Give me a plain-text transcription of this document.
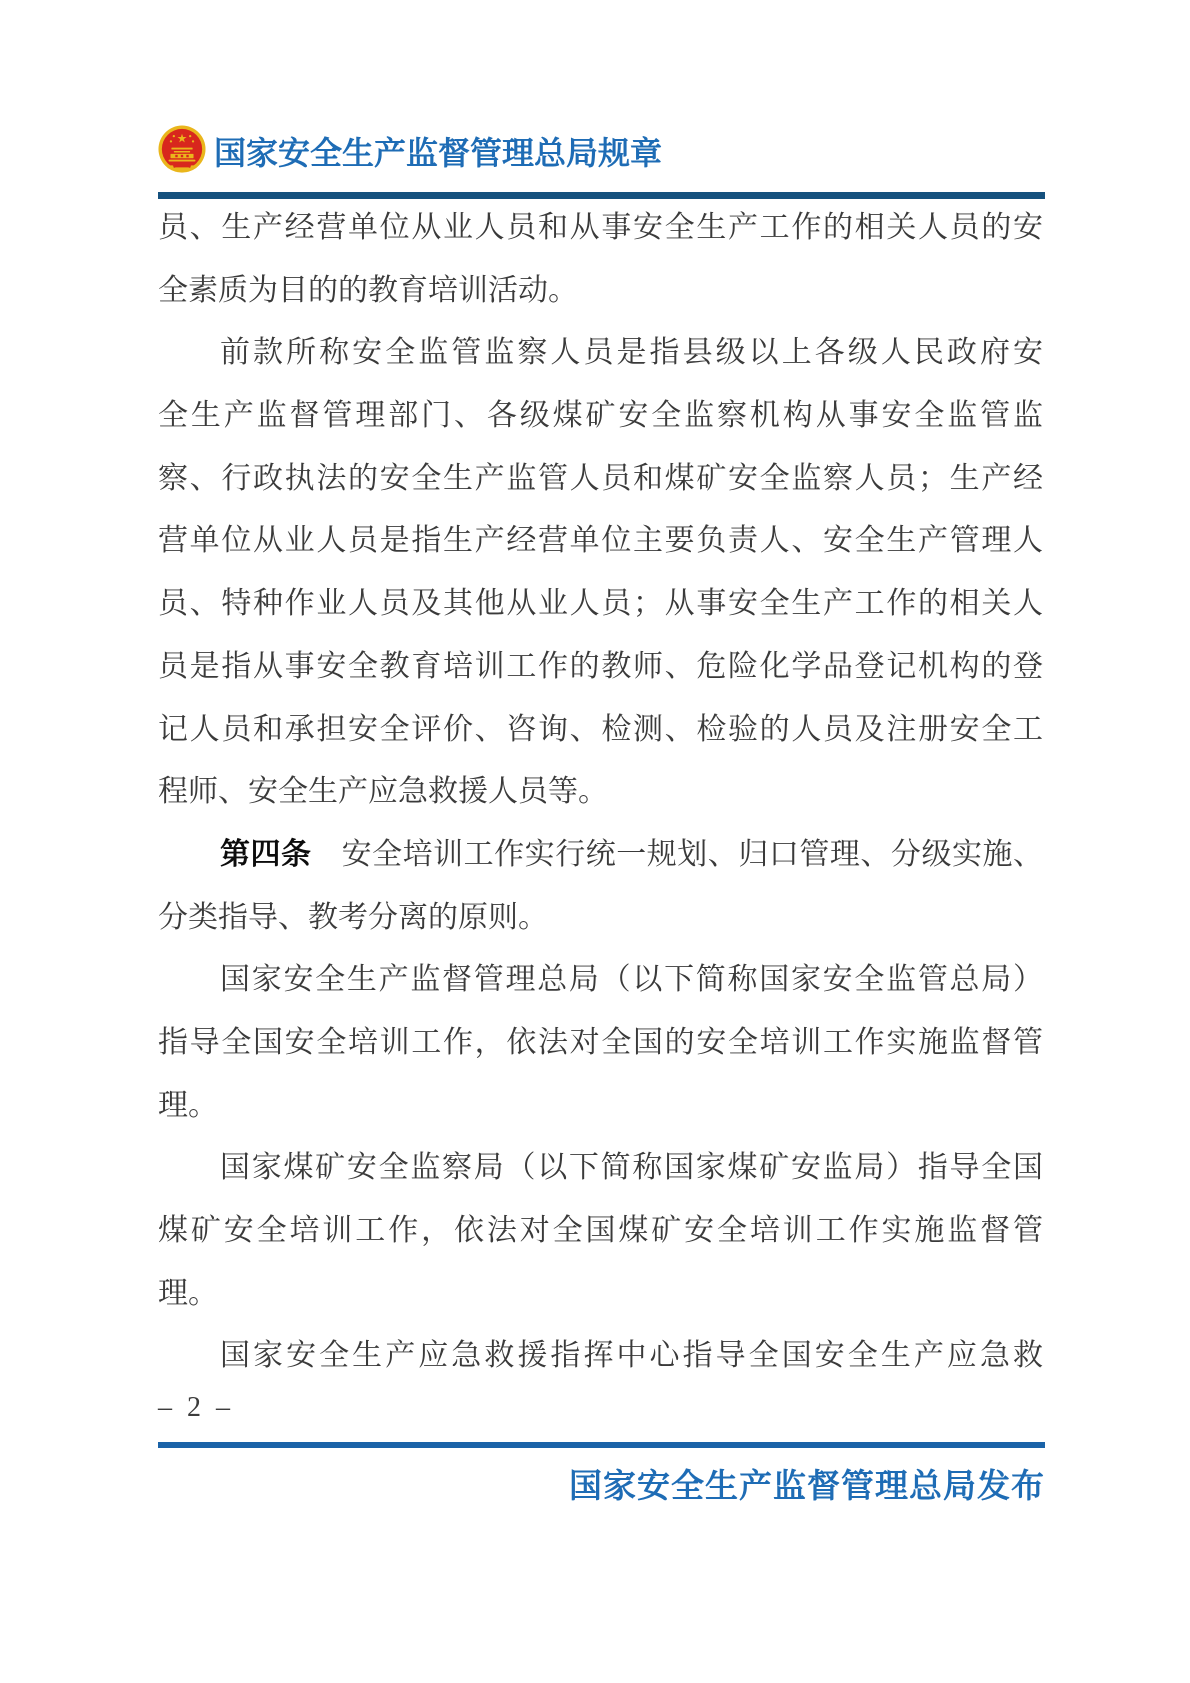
国家安全生产监督管理总局规章
员、生产经营单位从业人员和从事安全生产工作的相关人员的安
全素质为目的的教育培训活动。
前款所称安全监管监察人员是指县级以上各级人民政府安
全生产监督管理部门、各级煤矿安全监察机构从事安全监管监
察、行政执法的安全生产监管人员和煤矿安全监察人员；生产经
营单位从业人员是指生产经营单位主要负责人、安全生产管理人
员、特种作业人员及其他从业人员；从事安全生产工作的相关人
员是指从事安全教育培训工作的教师、危险化学品登记机构的登
记人员和承担安全评价、咨询、检测、检验的人员及注册安全工
程师、安全生产应急救援人员等。
第四条 安全培训工作实行统一规划、归口管理、分级实施、
分类指导、教考分离的原则。
国家安全生产监督管理总局（以下简称国家安全监管总局）
指导全国安全培训工作，依法对全国的安全培训工作实施监督管
理。
国家煤矿安全监察局（以下简称国家煤矿安监局）指导全国
煤矿安全培训工作，依法对全国煤矿安全培训工作实施监督管
理。
国家安全生产应急救援指挥中心指导全国安全生产应急救
– 2 –
国家安全生产监督管理总局发布
